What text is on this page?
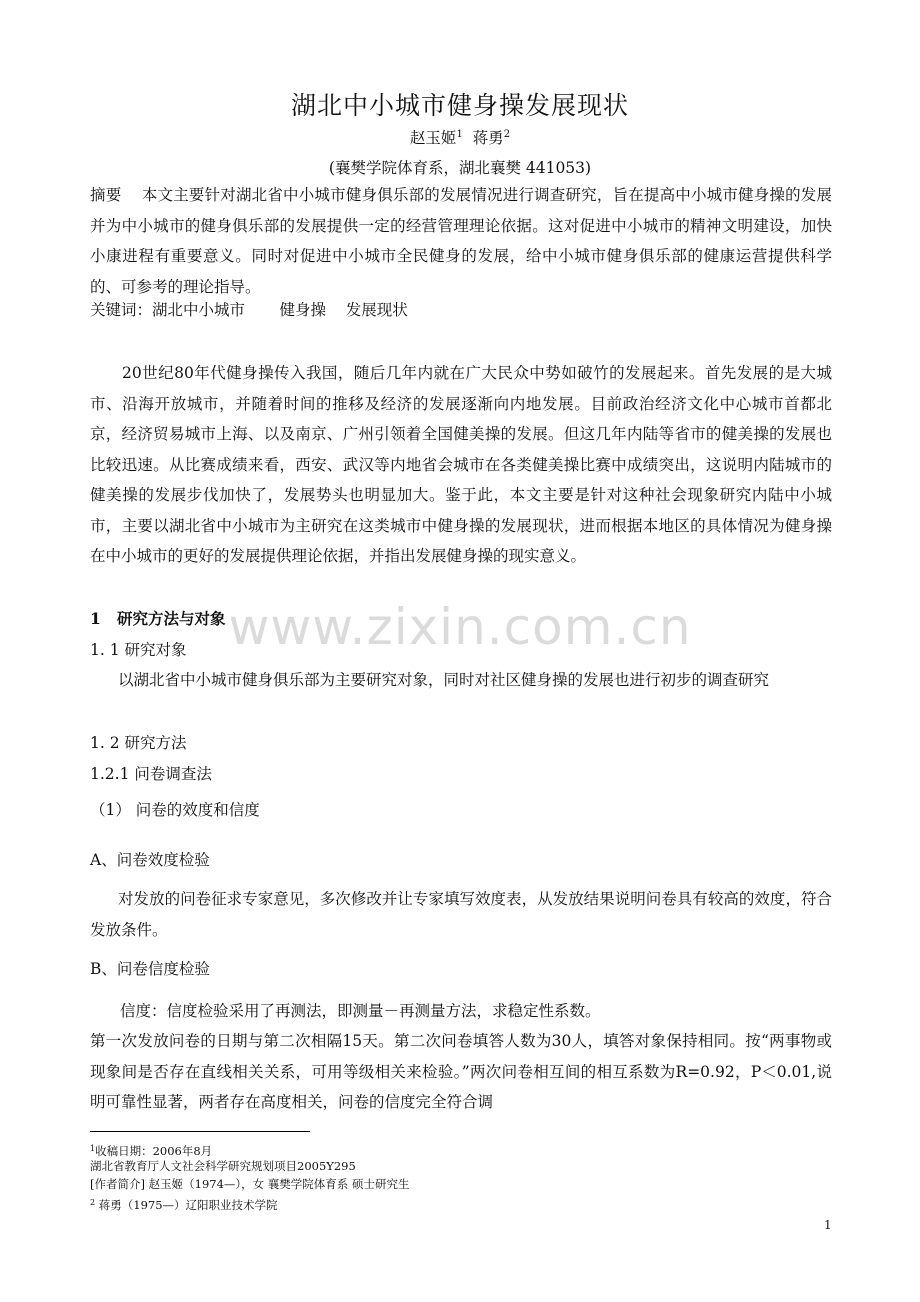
www.zixin.com.cn
湖北中小城市健身操发展现状
赵玉姬$^1$ 蒋勇$^2$
(襄樊学院体育系，湖北襄樊 441053)
摘要 本文主要针对湖北省中小城市健身俱乐部的发展情况进行调查研究，旨在提高中小城市健身操的发展并为中小城市的健身俱乐部的发展提供一定的经营管理理论依据。这对促进中小城市的精神文明建设，加快小康进程有重要意义。同时对促进中小城市全民健身的发展，给中小城市健身俱乐部的健康运营提供科学的、可参考的理论指导。
关键词：湖北中小城市 健身操 发展现状
20世纪80年代健身操传入我国，随后几年内就在广大民众中势如破竹的发展起来。首先发展的是大城市、沿海开放城市，并随着时间的推移及经济的发展逐渐向内地发展。目前政治经济文化中心城市首都北京，经济贸易城市上海、以及南京、广州引领着全国健美操的发展。但这几年内陆等省市的健美操的发展也比较迅速。从比赛成绩来看，西安、武汉等内地省会城市在各类健美操比赛中成绩突出，这说明内陆城市的健美操的发展步伐加快了，发展势头也明显加大。鉴于此，本文主要是针对这种社会现象研究内陆中小城市，主要以湖北省中小城市为主研究在这类城市中健身操的发展现状，进而根据本地区的具体情况为健身操在中小城市的更好的发展提供理论依据，并指出发展健身操的现实意义。
1 研究方法与对象
1. 1 研究对象
以湖北省中小城市健身俱乐部为主要研究对象，同时对社区健身操的发展也进行初步的调查研究
1. 2 研究方法
1.2.1 问卷调查法
（1） 问卷的效度和信度
A、问卷效度检验
对发放的问卷征求专家意见，多次修改并让专家填写效度表，从发放结果说明问卷具有较高的效度，符合发放条件。
B、问卷信度检验
信度：信度检验采用了再测法，即测量－再测量方法，求稳定性系数。
第一次发放问卷的日期与第二次相隔15天。第二次问卷填答人数为30人，填答对象保持相同。按“两事物或现象间是否存在直线相关关系，可用等级相关来检验。”两次问卷相互间的相互系数为R=0.92，P＜0.01,说明可靠性显著，两者存在高度相关，问卷的信度完全符合调
$^1$收稿日期：2006年8月
湖北省教育厅人文社会科学研究规划项目2005Y295
[作者简介] 赵玉姬（1974—），女 襄樊学院体育系 硕士研究生
$^2$ 蒋勇（1975—）辽阳职业技术学院
1
